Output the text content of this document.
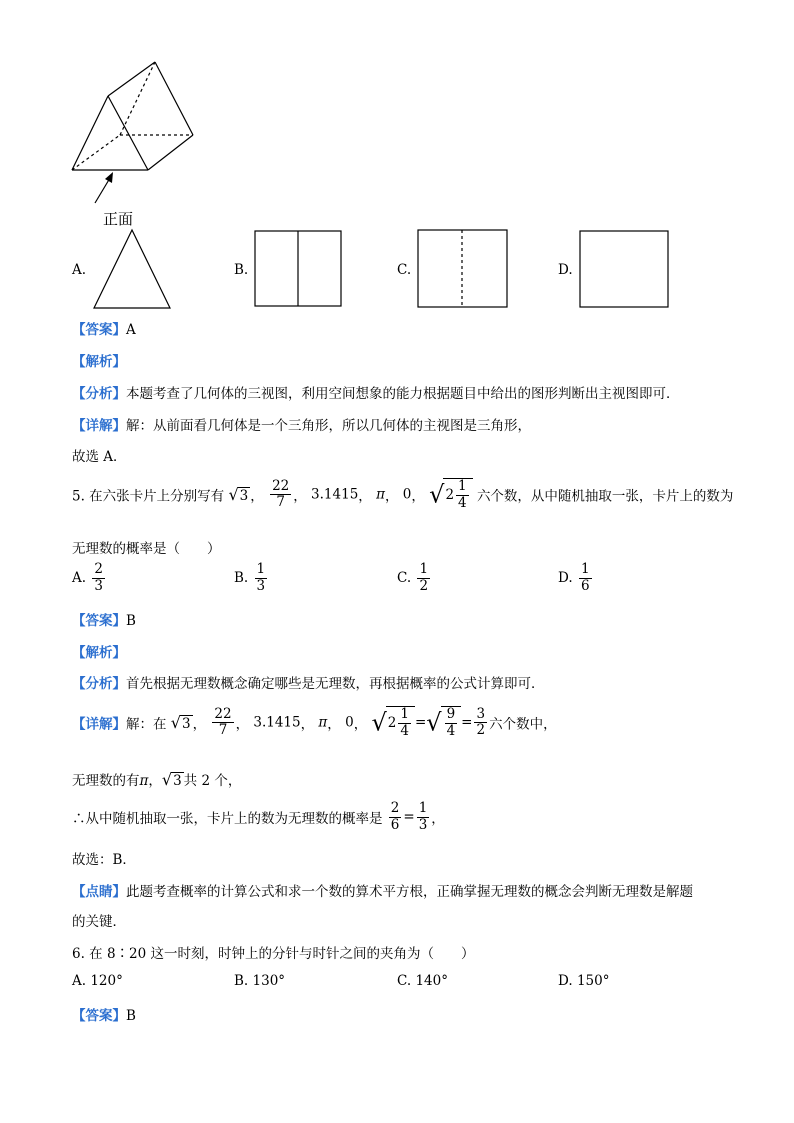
正面
A.	B.	C.	D.
【答案】A
【解析】
【分析】本题考查了几何体的三视图，利用空间想象的能力根据题目中给出的图形判断出主视图即可．
【详解】解：从前面看几何体是一个三角形，所以几何体的主视图是三角形，
故选 A．
5. 在六张卡片上分别写有 √3 ， $\frac{22}{7}$ ， 3.1415， π， 0， $√2 \frac{1}{4}$ 六个数，从中随机抽取一张，卡片上的数为
无理数的概率是（　　）
A. $\frac{2}{3}$	B. $\frac{1}{3}$	C. $\frac{1}{2}$	D. $\frac{1}{6}$
【答案】B
【解析】
【分析】首先根据无理数概念确定哪些是无理数，再根据概率的公式计算即可．
【详解】解：在 √3 ， $\frac{22}{7}$ ， 3.1415， π， 0， $√2 \frac{1}{4}$ =√ $\frac{9}{4} = \frac{3}{2}$ 六个数中，
无理数的有π，√3 共 2 个，
∴从中随机抽取一张，卡片上的数为无理数的概率是 $\frac{2}{6} = \frac{1}{3}$ ，
故选：B．
【点睛】此题考查概率的计算公式和求一个数的算术平方根，正确掌握无理数的概念会判断无理数是解题
的关键．
6. 在 8∶20 这一时刻，时钟上的分针与时针之间的夹角为（　　）
A. 120°	B. 130°	C. 140°	D. 150°
【答案】B
